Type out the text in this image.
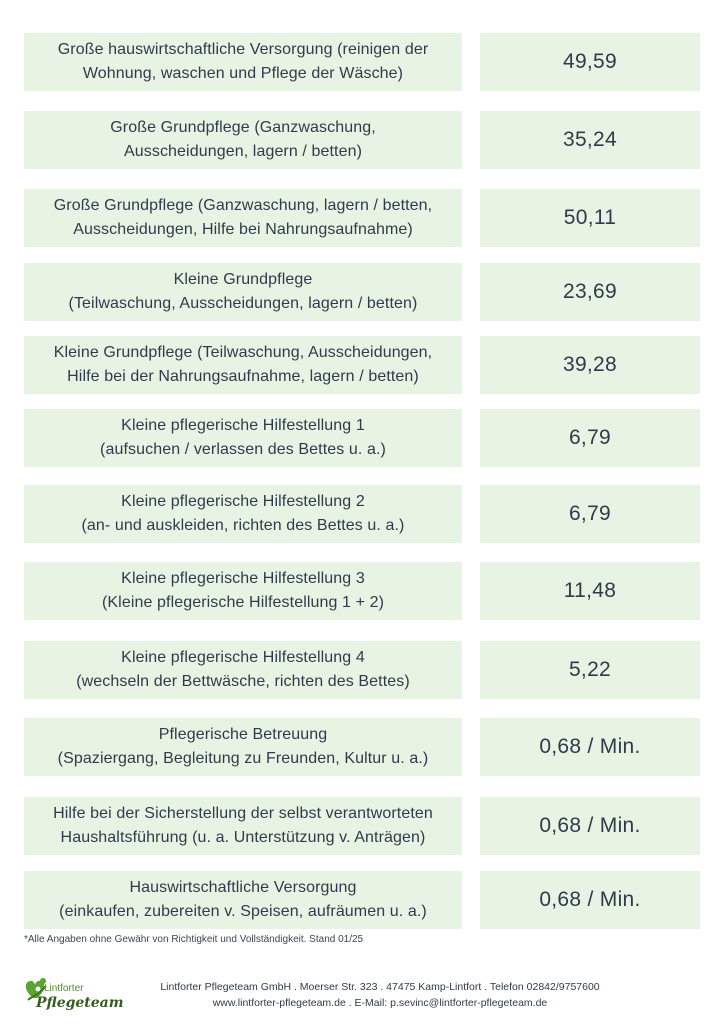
Große hauswirtschaftliche Versorgung (reinigen der
Wohnung, waschen und Pflege der Wäsche)
49,59
Große Grundpflege (Ganzwaschung,
Ausscheidungen, lagern / betten)
35,24
Große Grundpflege (Ganzwaschung, lagern / betten,
Ausscheidungen, Hilfe bei Nahrungsaufnahme)
50,11
Kleine Grundpflege
(Teilwaschung, Ausscheidungen, lagern / betten)
23,69
Kleine Grundpflege (Teilwaschung, Ausscheidungen,
Hilfe bei der Nahrungsaufnahme, lagern / betten)
39,28
Kleine pflegerische Hilfestellung 1
(aufsuchen / verlassen des Bettes u. a.)
6,79
Kleine pflegerische Hilfestellung 2
(an- und auskleiden, richten des Bettes u. a.)
6,79
Kleine pflegerische Hilfestellung 3
(Kleine pflegerische Hilfestellung 1 + 2)
11,48
Kleine pflegerische Hilfestellung 4
(wechseln der Bettwäsche, richten des Bettes)
5,22
Pflegerische Betreuung
(Spaziergang, Begleitung zu Freunden, Kultur u. a.)
0,68 / Min.
Hilfe bei der Sicherstellung der selbst verantworteten
Haushaltsführung (u. a. Unterstützung v. Anträgen)
0,68 / Min.
Hauswirtschaftliche Versorgung
(einkaufen, zubereiten v. Speisen, aufräumen u. a.)
0,68 / Min.
*Alle Angaben ohne Gewähr von Richtigkeit und Vollständigkeit. Stand 01/25
Lintforter
Pflegeteam
Lintforter Pflegeteam GmbH . Moerser Str. 323 . 47475 Kamp-Lintfort . Telefon 02842/9757600
www.lintforter-pflegeteam.de . E-Mail: p.sevinc@lintforter-pflegeteam.de
